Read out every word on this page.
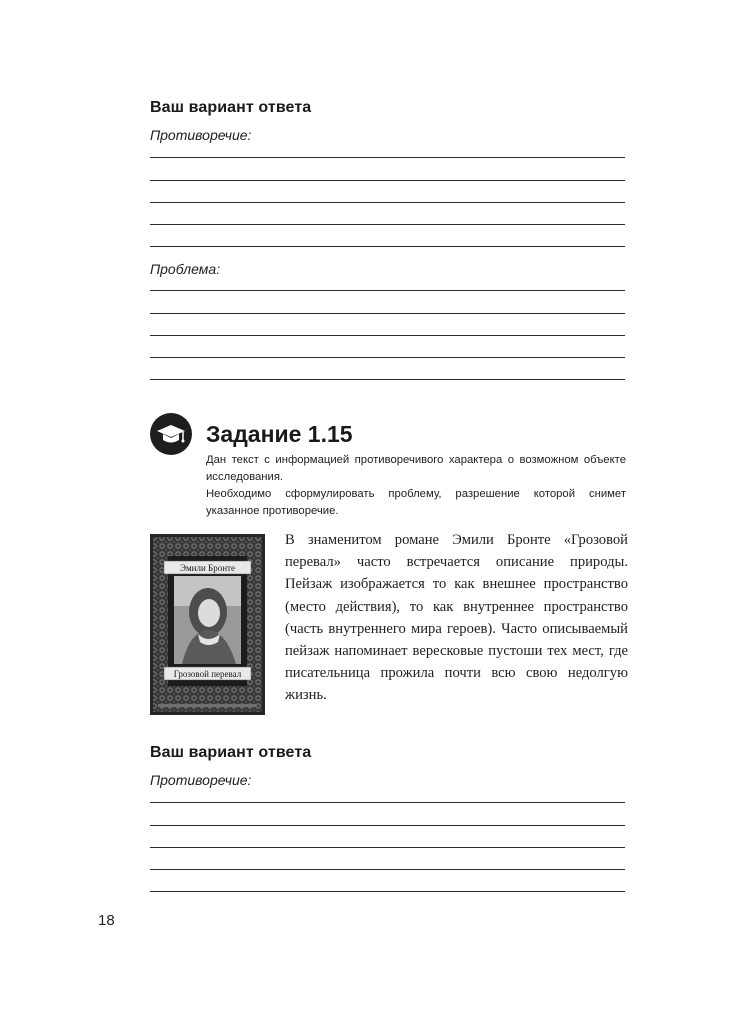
Ваш вариант ответа
Противоречие:
Проблема:
Задание 1.15

Дан текст с информацией противоречивого характера о возможном объекте исследования.

Необходимо сформулировать проблему, разрешение которой снимет указанное противоречие.

Эмили Бронте
Грозовой перевал
В знаменитом романе Эмили Бронте «Грозовой перевал» часто встречается описание природы. Пейзаж изображается то как внешнее пространство (место действия), то как внутреннее пространство (часть внутреннего мира героев). Часто описываемый пейзаж напоминает вересковые пустоши тех мест, где писательница прожила почти всю свою недолгую жизнь.
Ваш вариант ответа
Противоречие:
18
